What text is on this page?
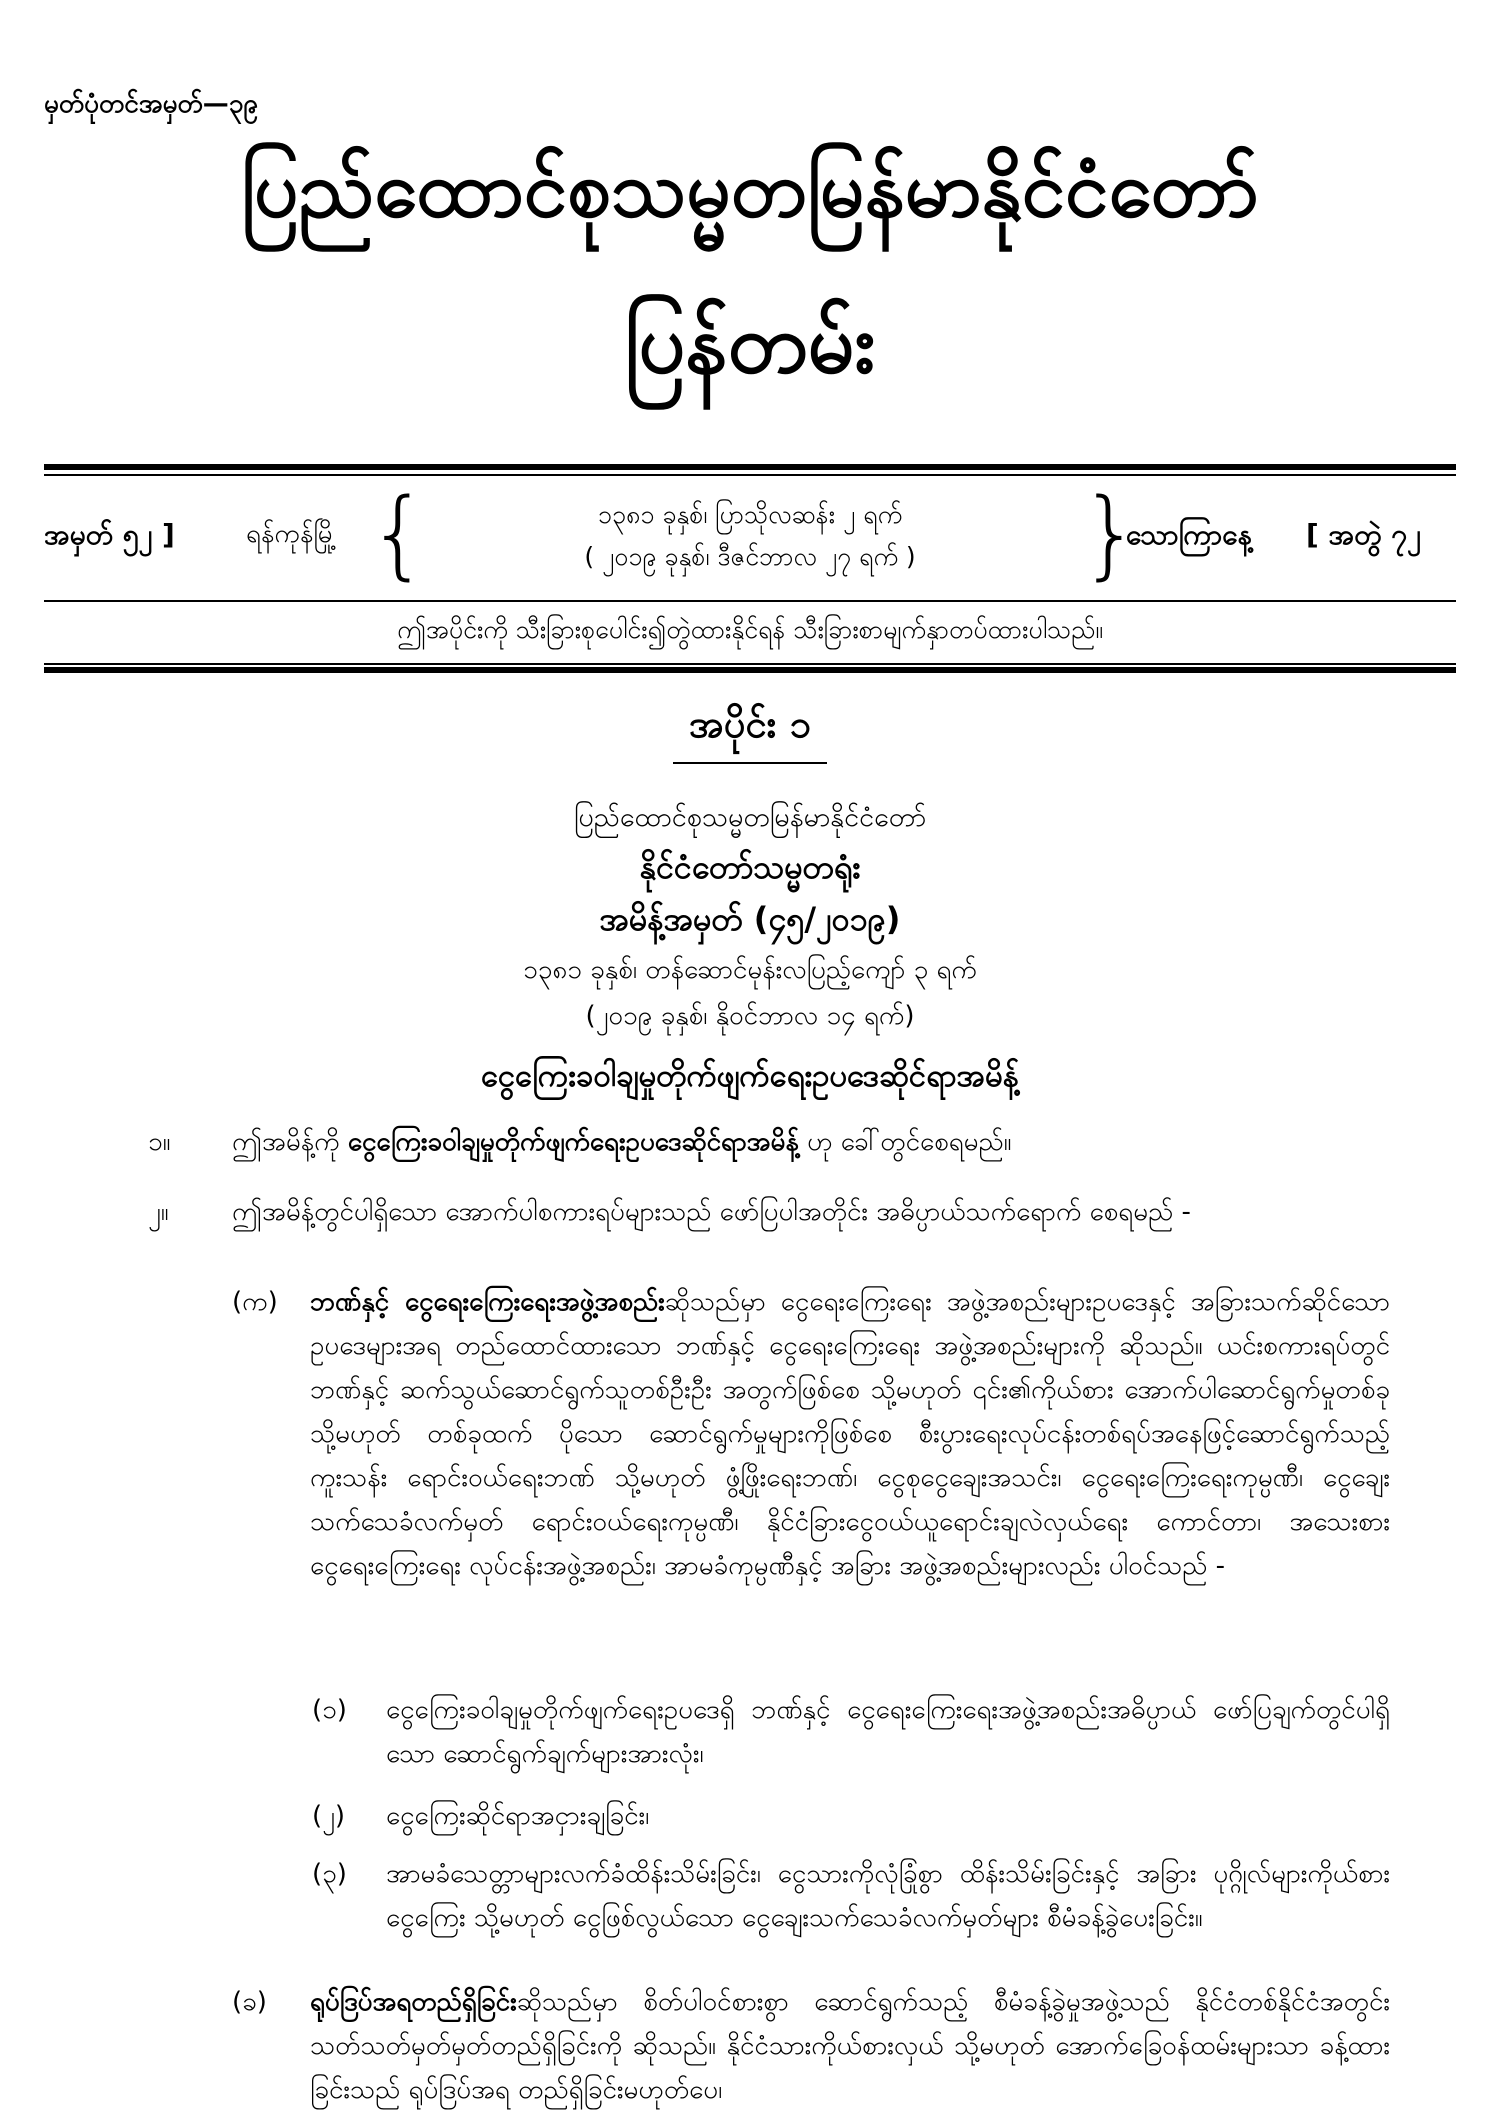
မှတ်ပုံတင်အမှတ်—၃၉
ပြည်ထောင်စုသမ္မတမြန်မာနိုင်ငံတော်
ပြန်တမ်း
အမှတ် ၅၂ ]	ရန်ကုန်မြို့ {	၁၃၈၁ ခုနှစ်၊ ပြာသိုလဆန်း ၂ ရက်
( ၂၀၁၉ ခုနှစ်၊ ဒီဇင်ဘာလ ၂၇ ရက် )	}
သောကြာနေ့ [ အတွဲ ၇၂
ဤအပိုင်းကို သီးခြားစုပေါင်း၍တွဲထားနိုင်ရန် သီးခြားစာမျက်နှာတပ်ထားပါသည်။
အပိုင်း ၁
ပြည်ထောင်စုသမ္မတမြန်မာနိုင်ငံတော်
နိုင်ငံတော်သမ္မတရုံး
အမိန့်အမှတ် (၄၅/၂၀၁၉)
၁၃၈၁ ခုနှစ်၊ တန်ဆောင်မုန်းလပြည့်ကျော် ၃ ရက်
(၂၀၁၉ ခုနှစ်၊ နိုဝင်ဘာလ ၁၄ ရက်)
ငွေကြေးခဝါချမှုတိုက်ဖျက်ရေးဥပဒေဆိုင်ရာအမိန့်
၁။ ဤအမိန့်ကို ငွေကြေးခဝါချမှုတိုက်ဖျက်ရေးဥပဒေဆိုင်ရာအမိန့် ဟု ခေါ်တွင်စေရမည်။
၂။	ဤအမိန့်တွင်ပါရှိသော အောက်ပါစကားရပ်များသည် ဖော်ပြပါအတိုင်း အဓိပ္ပာယ်သက်ရောက် စေရမည် -
(က) ဘဏ်နှင့် ငွေရေးကြေးရေးအဖွဲ့အစည်းဆိုသည်မှာ ငွေရေးကြေးရေး အဖွဲ့အစည်းများဥပဒေနှင့် အခြားသက်ဆိုင်သောဥပဒေများအရ တည်ထောင်ထားသော ဘဏ်နှင့် ငွေရေးကြေးရေး အဖွဲ့အစည်းများကို ဆိုသည်။ ယင်းစကားရပ်တွင် ဘဏ်နှင့် ဆက်သွယ်ဆောင်ရွက်သူတစ်ဦးဦး အတွက်ဖြစ်စေ သို့မဟုတ် ၎င်း၏ကိုယ်စား အောက်ပါဆောင်ရွက်မှုတစ်ခု သို့မဟုတ် တစ်ခုထက် ပိုသော ဆောင်ရွက်မှုများကိုဖြစ်စေ စီးပွားရေးလုပ်ငန်းတစ်ရပ်အနေဖြင့်ဆောင်ရွက်သည့် ကူးသန်း ရောင်းဝယ်ရေးဘဏ် သို့မဟုတ် ဖွံ့ဖြိုးရေးဘဏ်၊ ငွေစုငွေချေးအသင်း၊ ငွေရေးကြေးရေးကုမ္ပဏီ၊ ငွေချေးသက်သေခံလက်မှတ် ရောင်းဝယ်ရေးကုမ္ပဏီ၊ နိုင်ငံခြားငွေဝယ်ယူရောင်းချလဲလှယ်ရေး ကောင်တာ၊ အသေးစားငွေရေးကြေးရေး လုပ်ငန်းအဖွဲ့အစည်း၊ အာမခံကုမ္ပဏီနှင့် အခြား အဖွဲ့အစည်းများလည်း ပါဝင်သည် -
(၁) ငွေကြေးခဝါချမှုတိုက်ဖျက်ရေးဥပဒေရှိ ဘဏ်နှင့် ငွေရေးကြေးရေးအဖွဲ့အစည်းအဓိပ္ပာယ် ဖော်ပြချက်တွင်ပါရှိသော ဆောင်ရွက်ချက်များအားလုံး၊
(၂) ငွေကြေးဆိုင်ရာအငှားချခြင်း၊
(၃) အာမခံသေတ္တာများလက်ခံထိန်းသိမ်းခြင်း၊ ငွေသားကိုလုံခြုံစွာ ထိန်းသိမ်းခြင်းနှင့် အခြား ပုဂ္ဂိုလ်များကိုယ်စား ငွေကြေး သို့မဟုတ် ငွေဖြစ်လွယ်သော ငွေချေးသက်သေခံလက်မှတ်များ စီမံခန့်ခွဲပေးခြင်း။
(ခ) ရုပ်ဒြပ်အရတည်ရှိခြင်းဆိုသည်မှာ စိတ်ပါဝင်စားစွာ ဆောင်ရွက်သည့် စီမံခန့်ခွဲမှုအဖွဲ့သည် နိုင်ငံတစ်နိုင်ငံအတွင်း သတ်သတ်မှတ်မှတ်တည်ရှိခြင်းကို ဆိုသည်။ နိုင်ငံသားကိုယ်စားလှယ် သို့မဟုတ် အောက်ခြေဝန်ထမ်းများသာ ခန့်ထားခြင်းသည် ရုပ်ဒြပ်အရ တည်ရှိခြင်းမဟုတ်ပေ၊
